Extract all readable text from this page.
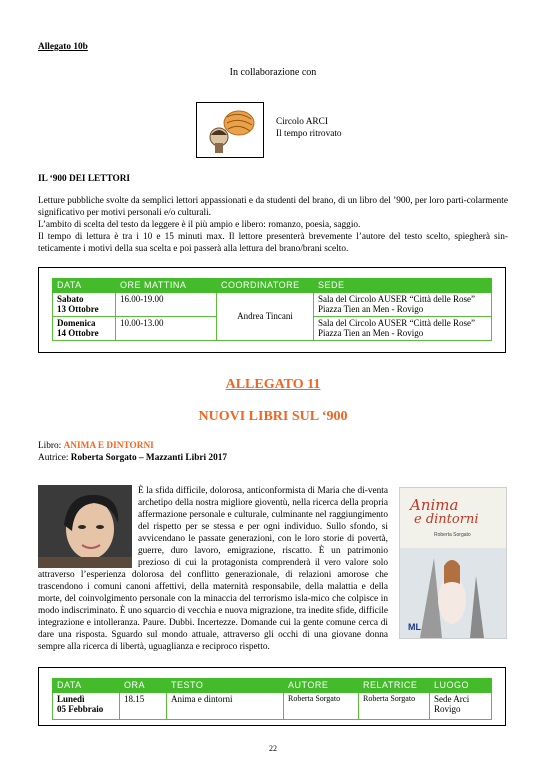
Allegato 10b
In collaborazione con
Circolo ARCI
Il tempo ritrovato
IL ‘900 DEI LETTORI
Letture pubbliche svolte da semplici lettori appassionati e da studenti del brano, di un libro del ’900, per loro parti-colarmente significativo per motivi personali e/o culturali.
L’ambito di scelta del testo da leggere è il più ampio e libero: romanzo, poesia, saggio.
Il tempo di lettura è tra i 10 e 15 minuti max. Il lettore presenterà brevemente l’autore del testo scelto, spiegherà sin-teticamente i motivi della sua scelta e poi passerà alla lettura del brano/brani scelto.
DATA	ORE MATTINA	COORDINATORE	SEDE
Sabato
13 Ottobre	16.00-19.00	Andrea Tincani	Sala del Circolo AUSER “Città delle Rose”
Piazza Tien an Men - Rovigo
Domenica
14 Ottobre	10.00-13.00		Sala del Circolo AUSER “Città delle Rose”
Piazza Tien an Men - Rovigo
ALLEGATO 11
NUOVI LIBRI SUL ‘900
Libro: ANIMA E DINTORNI
Autrice: Roberta Sorgato – Mazzanti Libri 2017
È la sfida difficile, dolorosa, anticonformista di Maria che di-venta archetipo della nostra migliore gioventù, nella ricerca della propria affermazione personale e culturale, culminante nel raggiungimento del rispetto per se stessa e per ogni individuo. Sullo sfondo, si avvicendano le passate generazioni, con le loro storie di povertà, guerre, duro lavoro, emigrazione, riscatto. È un patrimonio prezioso di cui la protagonista comprenderà il vero valore solo attraverso l’esperienza dolorosa del conflitto generazionale, di relazioni amorose che trascendono i comuni canoni affettivi, della maternità responsabile, della malattia e della morte, del coinvolgimento personale con la minaccia del terrorismo isla-mico che colpisce in modo indiscriminato. È uno squarcio di vecchia e nuova migrazione, tra inedite sfide, difficile integrazione e intolleranza. Paure. Dubbi. Incertezze. Domande cui la gente comune cerca di dare una risposta. Sguardo sul mondo attuale, attraverso gli occhi di una giovane donna sempre alla ricerca di libertà, uguaglianza e reciproco rispetto.
Anima
e dintorni
Roberta Sorgato
ML
DATA	ORA	TESTO	AUTORE	RELATRICE	LUOGO
Lunedì
05 Febbraio	18.15	Anima e dintorni	Roberta Sorgato	Roberta Sorgato	Sede Arci Rovigo
22
